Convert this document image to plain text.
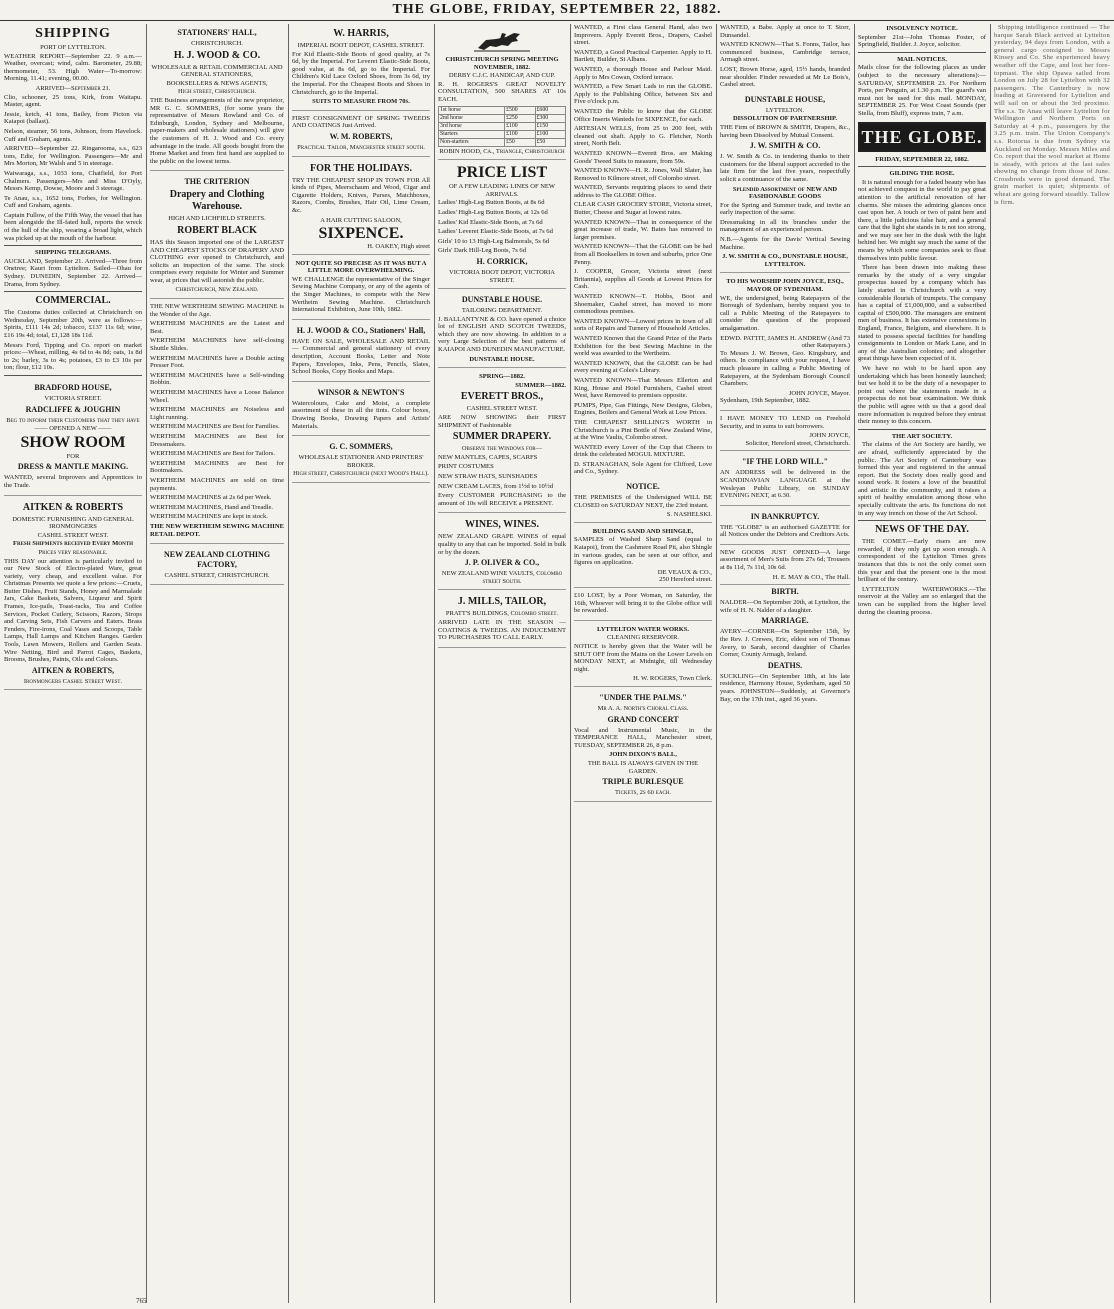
THE GLOBE, FRIDAY, SEPTEMBER 22, 1882.
SHIPPING
PORT OF LYTTELTON.
WEATHER REPORT—September 22. 9 a.m.—Weather, overcast; wind, calm. Barometer, 29.88; thermometer, 53. High Water—To-morrow: Morning, 11.41; evening, 00.00.
ARRIVED—September 21.
Clio, schooner, 25 tons, Kirk, from Waitapu. Master, agent.
Jessie, ketch, 41 tons, Bailey, from Picton via Kaiapoi (ballast).
Nelson, steamer, 56 tons, Johnson, from Havelock. Cuff and Graham, agents.
ARRIVED—September 22. Ringarooma, s.s., 623 tons, Edie, for Wellington. Passengers—Mr and Mrs Morton, Mr Walsh and 5 in steerage.
Waiwaraga, s.s., 1033 tons, Chatfield, for Port Chalmers. Passengers—Mrs and Miss D'Oyly, Messrs Kemp, Dowse, Moore and 3 steerage.
Te Anau, s.s., 1652 tons, Forbes, for Wellington. Cuff and Graham, agents.
Captain Fullow, of the Fifth Way, the vessel that has been alongside the Ill-fated hull, reports the wreck of the hull of the ship, wearing a broad light, which was picked up at the mouth of the harbour.
SHIPPING TELEGRAMS.
AUCKLAND, September 21. Arrived—Three from Onetree; Kauri from Lyttelton. Sailed—Ohau for Sydney. DUNEDIN, September 22. Arrived—Drama, from Sydney.
COMMERCIAL.
The Customs duties collected at Christchurch on Wednesday, September 20th, were as follows:—Spirits, £111 14s 2d; tobacco, £137 11s 6d; wine, £16 19s 4d; total, £1,128 18s 11d.
Messrs Ford, Tipping and Co. report on market prices:—Wheat, milling, 4s 6d to 4s 8d; oats, 1s 8d to 2s; barley, 3s to 4s; potatoes, £3 to £3 10s per ton; flour, £12 10s.
BRADFORD HOUSE,
VICTORIA STREET.
RADCLIFFE & JOUGHIN
Beg to inform their Customers that they have
—— OPENED A NEW ——
SHOW ROOM
FOR
DRESS & MANTLE MAKING.
WANTED, several Improvers and Apprentices to the Trade.
AITKEN & ROBERTS
DOMESTIC FURNISHING AND GENERAL IRONMONGERS
CASHEL STREET WEST.
Fresh Shipments received Every Month
Prices very reasonable.
THIS DAY our attention is particularly invited to our New Stock of Electro-plated Ware, great variety, very cheap, and excellent value. For Christmas Presents we quote a few prices:—Cruets, Butter Dishes, Fruit Stands, Honey and Marmalade Jars, Cake Baskets, Salvers, Liqueur and Spirit Frames, Ice-pails, Toast-racks, Tea and Coffee Services, Pocket Cutlery, Scissors, Razors, Strops and Carving Sets, Fish Carvers and Eaters. Brass Fenders, Fire-irons, Coal Vases and Scoops, Table Lamps, Hall Lamps and Kitchen Ranges. Garden Tools, Lawn Mowers, Rollers and Garden Seats. Wire Netting, Bird and Parrot Cages, Baskets, Brooms, Brushes, Paints, Oils and Colours.
AITKEN & ROBERTS,
Ironmongers Cashel Street West.
765
STATIONERS' HALL,
CHRISTCHURCH.
H. J. WOOD & CO.
WHOLESALE & RETAIL COMMERCIAL AND GENERAL STATIONERS,
BOOKSELLERS & NEWS AGENTS,
High street, Christchurch.
THE Business arrangements of the new proprietor, MR G. C. SOMMERS, (for some years the representative of Messrs Rowland and Co. of Edinburgh, London, Sydney and Melbourne, paper-makers and wholesale stationers) will give the customers of H. J. Wood and Co. every advantage in the trade. All goods bought from the Home Market and from first hand are supplied to the public on the lowest terms.
THE CRITERION
Drapery and Clothing Warehouse.
HIGH AND LICHFIELD STREETS.
ROBERT BLACK
HAS this Season imported one of the LARGEST AND CHEAPEST STOCKS OF DRAPERY AND CLOTHING ever opened in Christchurch, and solicits an inspection of the same. The stock comprises every requisite for Winter and Summer wear, at prices that will astonish the public.
Christchurch, New Zealand.
THE NEW WERTHEIM SEWING MACHINE is the Wonder of the Age.
WERTHEIM MACHINES are the Latest and Best.
WERTHEIM MACHINES have self-closing Shuttle Slides.
WERTHEIM MACHINES have a Double acting Presser Foot.
WERTHEIM MACHINES have a Self-winding Bobbin.
WERTHEIM MACHINES have a Loose Balance Wheel.
WERTHEIM MACHINES are Noiseless and Light running.
WERTHEIM MACHINES are Best for Families.
WERTHEIM MACHINES are Best for Dressmakers.
WERTHEIM MACHINES are Best for Tailors.
WERTHEIM MACHINES are Best for Bootmakers.
WERTHEIM MACHINES are sold on time payments.
WERTHEIM MACHINES at 2s 6d per Week.
WERTHEIM MACHINES, Hand and Treadle.
WERTHEIM MACHINES are kept in stock.
THE NEW WERTHEIM SEWING MACHINE RETAIL DEPOT.
NEW ZEALAND CLOTHING FACTORY,
CASHEL STREET, CHRISTCHURCH.
W. HARRIS,
IMPERIAL BOOT DEPOT, CASHEL STREET.
For Kid Elastic-Side Boots of good quality, at 7s 6d, by the Imperial. For Leveret Elastic-Side Boots, good value, at 8s 6d, go to the Imperial. For Children's Kid Lace Oxford Shoes, from 3s 6d, try the Imperial. For the Cheapest Boots and Shoes in Christchurch, go to the Imperial.
SUITS TO MEASURE FROM 70s.
FIRST CONSIGNMENT OF SPRING TWEEDS AND COATINGS Just Arrived.
W. M. ROBERTS,
Practical Tailor, Manchester street south.
FOR THE HOLIDAYS.
TRY THE CHEAPEST SHOP IN TOWN FOR All kinds of Pipes, Meerschaum and Wood, Cigar and Cigarette Holders, Knives, Purses, Matchboxes, Razors, Combs, Brushes, Hair Oil, Lime Cream, &c.
A HAIR CUTTING SALOON,
SIXPENCE.
H. OAKEY, High street
NOT QUITE SO PRECISE AS IT WAS BUT A LITTLE MORE OVERWHELMING.
WE CHALLENGE the representative of the Singer Sewing Machine Company, or any of the agents of the Singer Machines, to compete with the New Wertheim Sewing Machine. Christchurch International Exhibition, June 10th, 1882.
H. J. WOOD & CO., Stationers' Hall,
HAVE ON SALE, WHOLESALE AND RETAIL — Commercial and general stationery of every description, Account Books, Letter and Note Papers, Envelopes, Inks, Pens, Pencils, Slates, School Books, Copy Books and Maps.
WINSOR & NEWTON'S
Watercolours, Cake and Moist, a complete assortment of these in all the tints. Colour boxes, Drawing Books, Drawing Papers and Artists' Materials.
G. C. SOMMERS,
WHOLESALE STATIONER AND PRINTERS' BROKER.
High street, Christchurch (next Wood's Hall).
CHRISTCHURCH SPRING MEETING NOVEMBER, 1882.
DERBY C.J.C. HANDICAP, AND CUP.
R. H. ROGERS'S GREAT NOVELTY CONSULTATION, 500 SHARES AT 10s EACH.
1st horse	£500	£600
2nd horse	£250	£300
3rd horse	£100	£150
Starters	£100	£100
Non-starters	£50	£50
ROBIN HOOD, Ca., Triangle, Christchurch
PRICE LIST
OF A FEW LEADING LINES OF NEW ARRIVALS.
Ladies' High-Leg Button Boots, at 8s 6d
Ladies' High-Leg Button Boots, at 12s 6d
Ladies' Kid Elastic-Side Boots, at 7s 6d
Ladies' Leveret Elastic-Side Boots, at 7s 6d
Girls' 10 to 13 High-Leg Balmorals, 5s 6d
Girls' Dark Hill-Leg Boots, 7s 6d
H. CORRICK,
VICTORIA BOOT DEPOT, VICTORIA STREET.
DUNSTABLE HOUSE.
TAILORING DEPARTMENT.
J. BALLANTYNE & CO. have opened a choice lot of ENGLISH AND SCOTCH TWEEDS, which they are now showing. In addition to a very Large Selection of the best patterns of KAIAPOI AND DUNEDIN MANUFACTURE.
DUNSTABLE HOUSE.
SPRING—1882.
SUMMER—1882.
EVERETT BROS.,
CASHEL STREET WEST.
ARE NOW SHOWING their FIRST SHIPMENT of Fashionable
SUMMER DRAPERY.
Observe the Windows for—
NEW MANTLES, CAPES, SCARFS
PRINT COSTUMES
NEW STRAW HATS, SUNSHADES
NEW CREAM LACES, from 1½d to 10½d
Every CUSTOMER PURCHASING to the amount of 10s will RECEIVE a PRESENT.
WINES, WINES.
NEW ZEALAND GRAPE WINES of equal quality to any that can be imported. Sold in bulk or by the dozen.
J. P. OLIVER & CO.,
NEW ZEALAND WINE VAULTS, Colombo street South.
J. MILLS, TAILOR,
PRATT'S BUILDINGS, Colombo street.
ARRIVED LATE IN THE SEASON — COATINGS & TWEEDS. AN INDUCEMENT TO PURCHASERS TO CALL EARLY.
WANTED, a First class General Hand, also two Improvers. Apply Everett Bros., Drapers, Cashel street.
WANTED, a Good Practical Carpenter. Apply to H. Bartlett, Builder, St Albans.
WANTED, a thorough House and Parlour Maid. Apply to Mrs Cowan, Oxford terrace.
WANTED, a Few Smart Lads to run the GLOBE. Apply to the Publishing Office, between Six and Five o'clock p.m.
WANTED the Public to know that the GLOBE Office Inserts Wanteds for SIXPENCE, for each.
ARTESIAN WELLS, from 25 to 200 feet, with cleaned out shaft. Apply to G. Fletcher, North street, North Belt.
WANTED KNOWN—Everett Bros. are Making Goods' Tweed Suits to measure, from 59s.
WANTED KNOWN—H. R. Jones, Wall Slater, has Removed to Kilmore street, off Colombo street.
WANTED, Servants requiring places to send their address to The GLOBE Office.
CLEAR CASH GROCERY STORE, Victoria street, Butter, Cheese and Sugar at lowest rates.
WANTED KNOWN—That in consequence of the great increase of trade, W. Bates has removed to larger premises.
WANTED KNOWN—That the GLOBE can be had from all Booksellers in town and suburbs, price One Penny.
J. COOPER, Grocer, Victoria street (next Britannia), supplies all Goods at Lowest Prices for Cash.
WANTED KNOWN—T. Hobbs, Boot and Shoemaker, Cashel street, has moved to more commodious premises.
WANTED KNOWN—Lowest prices in town of all sorts of Repairs and Turnery of Household Articles.
WANTED Known that the Grand Prize of the Paris Exhibition for the best Sewing Machine in the world was awarded to the Wertheim.
WANTED KNOWN, that the GLOBE can be had every evening at Coles's Library.
WANTED KNOWN—That Messrs Ellerton and King, House and Hotel Furnishers, Cashel street West, have Removed to premises opposite.
PUMPS, Pipe, Gas Fittings, New Designs, Globes, Engines, Boilers and General Work at Low Prices.
THE CHEAPEST SHILLING'S WORTH in Christchurch is a Pint Bottle of New Zealand Wine, at the Wine Vaults, Colombo street.
WANTED every Lover of the Cup that Cheers to drink the celebrated MOGUL MIXTURE.
D. STRANAGHAN, Sole Agent for Clifford, Love and Co., Sydney.
NOTICE.
THE PREMISES of the Undersigned WILL BE CLOSED on SATURDAY NEXT, the 23rd instant.
S. NASHELSKI.
BUILDING SAND AND SHINGLE,
SAMPLES of Washed Sharp Sand (equal to Kaiapoi), from the Cashmere Road Pit, also Shingle in various grades, can be seen at our office, and figures on application.
DE VEAUX & CO.,
250 Hereford street.
£10 LOST, by a Poor Woman, on Saturday, the 16th, Whoever will bring it to the Globe office will be rewarded.
LYTTELTON WATER WORKS.
CLEANING RESERVOIR.
NOTICE is hereby given that the Water will be SHUT OFF from the Mains on the Lower Levels on MONDAY NEXT, at Midnight, till Wednesday night.
H. W. ROGERS, Town Clerk.
"UNDER THE PALMS."
Mr A. A. North's Choral Class.
GRAND CONCERT
Vocal and Instrumental Music, in the TEMPERANCE HALL, Manchester street, TUESDAY, SEPTEMBER 26, 8 p.m.
JOHN DIXON'S BALL,
THE BALL IS ALWAYS GIVEN IN THE GARDEN.
TRIPLE BURLESQUE
Tickets, 2s 6d each.
WANTED, a Babe. Apply at once to T. Storr, Dunsandel.
WANTED KNOWN—That S. Fonns, Tailor, has commenced business, Cambridge terrace, Armagh street.
LOST, Brown Horse, aged, 15½ hands, branded near shoulder. Finder rewarded at Mr Le Bois's, Cashel street.
DUNSTABLE HOUSE,
LYTTELTON.
DISSOLUTION OF PARTNERSHIP.
THE Firm of BROWN & SMITH, Drapers, &c., having been Dissolved by Mutual Consent.
J. W. SMITH & CO.
J. W. Smith & Co. in tendering thanks to their customers for the liberal support accorded to the late firm for the last five years, respectfully solicit a continuance of the same.
Splendid Assortment of NEW AND FASHIONABLE GOODS
For the Spring and Summer trade, and invite an early inspection of the same.
Dressmaking in all its branches under the management of an experienced person.
N.B.—Agents for the Davis' Vertical Sewing Machine.
J. W. SMITH & CO., DUNSTABLE HOUSE, LYTTELTON.
TO HIS WORSHIP JOHN JOYCE, ESQ., MAYOR OF SYDENHAM.
WE, the undersigned, being Ratepayers of the Borough of Sydenham, hereby request you to call a Public Meeting of the Ratepayers to consider the question of the proposed amalgamation.
EDWD. PATTIT, JAMES H. ANDREW (And 73 other Ratepayers.)
To Messrs J. W. Brown, Geo. Kingsbury, and others. In compliance with your request, I have much pleasure in calling a Public Meeting of Ratepayers, at the Sydenham Borough Council Chambers.
JOHN JOYCE, Mayor.
Sydenham, 19th September, 1882.
I HAVE MONEY TO LEND on Freehold Security, and in sums to suit borrowers.
JOHN JOYCE,
Solicitor, Hereford street, Christchurch.
"IF THE LORD WILL."
AN ADDRESS will be delivered in the SCANDINAVIAN LANGUAGE at the Wesleyan Public Library, on SUNDAY EVENING NEXT, at 6.30.
IN BANKRUPTCY.
THE "GLOBE" is an authorised GAZETTE for all Notices under the Debtors and Creditors Acts.
NEW GOODS JUST OPENED—A large assortment of Men's Suits from 27s 6d; Trousers at 8s 11d, 7s 11d, 10s 6d.
H. E. MAY & CO., The Hall.
BIRTH.
NALDER—On September 20th, at Lyttelton, the wife of H. N. Nalder of a daughter.
MARRIAGE.
AVERY—CORNER—On September 15th, by the Rev. J. Crewes, Eric, eldest son of Thomas Avery, to Sarah, second daughter of Charles Corner, County Armagh, Ireland.
DEATHS.
SUCKLING—On September 18th, at his late residence, Harmony House, Sydenham, aged 50 years. JOHNSTON—Suddenly, at Governor's Bay, on the 17th inst., aged 36 years.
INSOLVENCY NOTICE.
September 21st—John Thomas Foster, of Springfield, Builder. J. Joyce, solicitor.
MAIL NOTICES.
Mails close for the following places as under (subject to the necessary alterations):— SATURDAY, SEPTEMBER 23. For Northern Ports, per Penguin, at 1.30 p.m. The guard's van must not be used for this mail. MONDAY, SEPTEMBER 25. For West Coast Sounds (per Stella, from Bluff), express train, 7 a.m.
THE GLOBE.
FRIDAY, SEPTEMBER 22, 1882.
GILDING THE ROSE.
It is natural enough for a faded beauty who has not achieved conquest in the world to pay great attention to the artificial renovation of her charms. She misses the admiring glances once cast upon her. A touch or two of paint here and there, a little judicious false hair, and a general care that the light she stands in is not too strong, and we may see her in the dusk with the light behind her. We might say much the same of the means by which some companies seek to float themselves into public favour.
There has been drawn into making these remarks by the study of a very singular prospectus issued by a company which has lately started in Christchurch with a very considerable flourish of trumpets. The company has a capital of £1,000,000, and a subscribed capital of £500,000. The managers are eminent men of business. It has extensive connexions in England, France, Belgium, and elsewhere. It is stated to possess special facilities for handling consignments in London or Mark Lane, and in any of the Australian colonies; and altogether great things have been expected of it.
We have no wish to be hard upon any undertaking which has been honestly launched; but we hold it to be the duty of a newspaper to point out where the statements made in a prospectus do not bear examination. We think the public will agree with us that a good deal more information is required before they entrust their money to this concern.
THE ART SOCIETY.
The claims of the Art Society are hardly, we are afraid, sufficiently appreciated by the public. The Art Society of Canterbury was formed this year and registered in the annual report. But the Society does really good and sound work. It fosters a love of the beautiful and artistic in the community, and it raises a spirit of healthy emulation among those who specially cultivate the arts. Its functions do not in any way trench on those of the Art School.
NEWS OF THE DAY.
THE COMET.—Early risers are now rewarded, if they only get up soon enough. A correspondent of the Lyttelton Times gives instances that this is not the only comet seen this year and that the present one is the most brilliant of the century.
LYTTELTON WATERWORKS.—The reservoir at the Valley are so enlarged that the town can be supplied from the higher level during the cleaning process.
Shipping intelligence continued — The barque Sarah Black arrived at Lyttelton yesterday, 94 days from London, with a general cargo consigned to Messrs Kinsey and Co. She experienced heavy weather off the Cape, and lost her fore-topmast. The ship Opawa sailed from London on July 28 for Lyttelton with 32 passengers. The Canterbury is now loading at Gravesend for Lyttelton and will sail on or about the 3rd proximo. The s.s. Te Anau will leave Lyttelton for Wellington and Northern Ports on Saturday at 4 p.m., passengers by the 3.25 p.m. train. The Union Company's s.s. Rotorua is due from Sydney via Auckland on Monday. Messrs Miles and Co. report that the wool market at Home is steady, with prices at the last sales showing no change from those of June. Crossbreds were in good demand. The grain market is quiet; shipments of wheat are going forward steadily. Tallow is firm.
